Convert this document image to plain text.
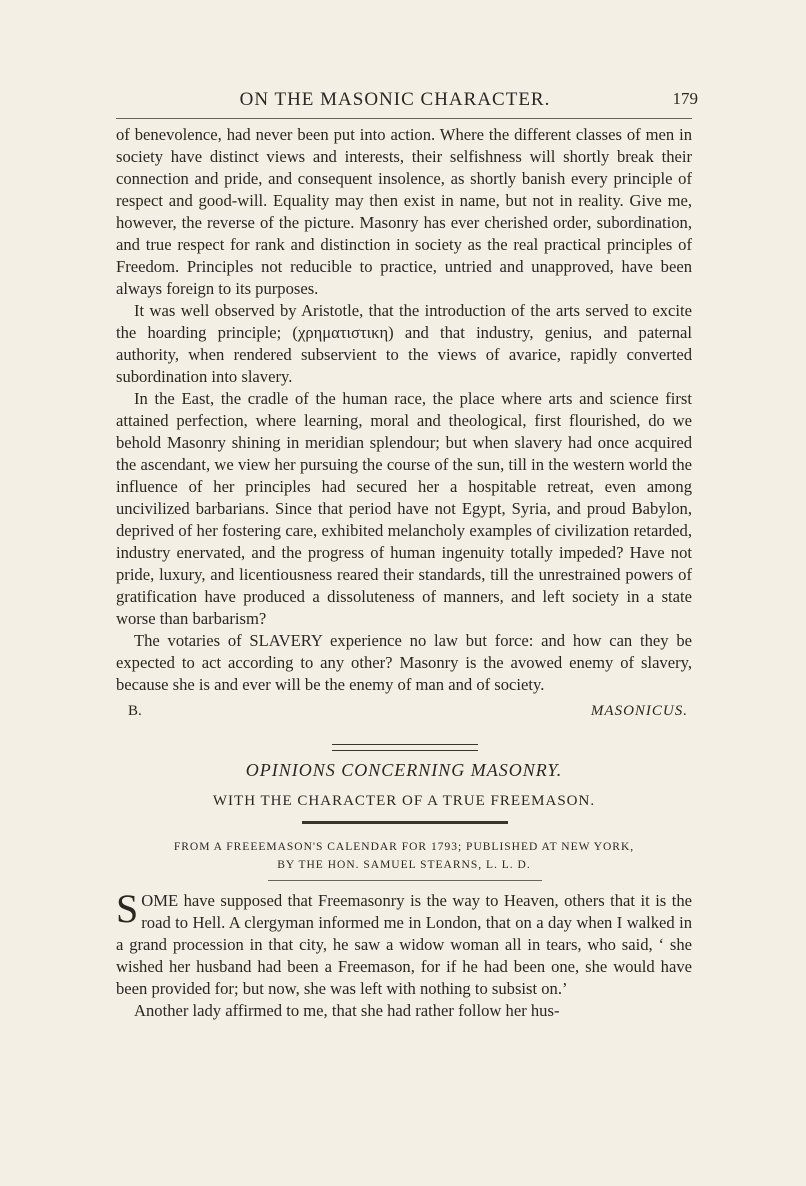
ON THE MASONIC CHARACTER.	179

of benevolence, had never been put into action. Where the different classes of men in society have distinct views and interests, their selfishness will shortly break their connection and pride, and consequent insolence, as shortly banish every principle of respect and good-will. Equality may then exist in name, but not in reality. Give me, however, the reverse of the picture. Masonry has ever cherished order, subordination, and true respect for rank and distinction in society as the real practical principles of Freedom. Principles not reducible to practice, untried and unapproved, have been always foreign to its purposes.

It was well observed by Aristotle, that the introduction of the arts served to excite the hoarding principle; (χρηματιστικη) and that industry, genius, and paternal authority, when rendered subservient to the views of avarice, rapidly converted subordination into slavery.

In the East, the cradle of the human race, the place where arts and science first attained perfection, where learning, moral and theological, first flourished, do we behold Masonry shining in meridian splendour; but when slavery had once acquired the ascendant, we view her pursuing the course of the sun, till in the western world the influence of her principles had secured her a hospitable retreat, even among uncivilized barbarians. Since that period have not Egypt, Syria, and proud Babylon, deprived of her fostering care, exhibited melancholy examples of civilization retarded, industry enervated, and the progress of human ingenuity totally impeded? Have not pride, luxury, and licentiousness reared their standards, till the unrestrained powers of gratification have produced a dissoluteness of manners, and left society in a state worse than barbarism?

The votaries of SLAVERY experience no law but force: and how can they be expected to act according to any other? Masonry is the avowed enemy of slavery, because she is and ever will be the enemy of man and of society.

B.	MASONICUS.
OPINIONS CONCERNING MASONRY.
WITH THE CHARACTER OF A TRUE FREEMASON.
FROM A FREEEMASON'S CALENDAR FOR 1793; PUBLISHED AT NEW YORK,
BY THE HON. SAMUEL STEARNS, L. L. D.

SOME have supposed that Freemasonry is the way to Heaven, others that it is the road to Hell. A clergyman informed me in London, that on a day when I walked in a grand procession in that city, he saw a widow woman all in tears, who said, ‘ she wished her husband had been a Freemason, for if he had been one, she would have been provided for; but now, she was left with nothing to subsist on.’

Another lady affirmed to me, that she had rather follow her hus-
